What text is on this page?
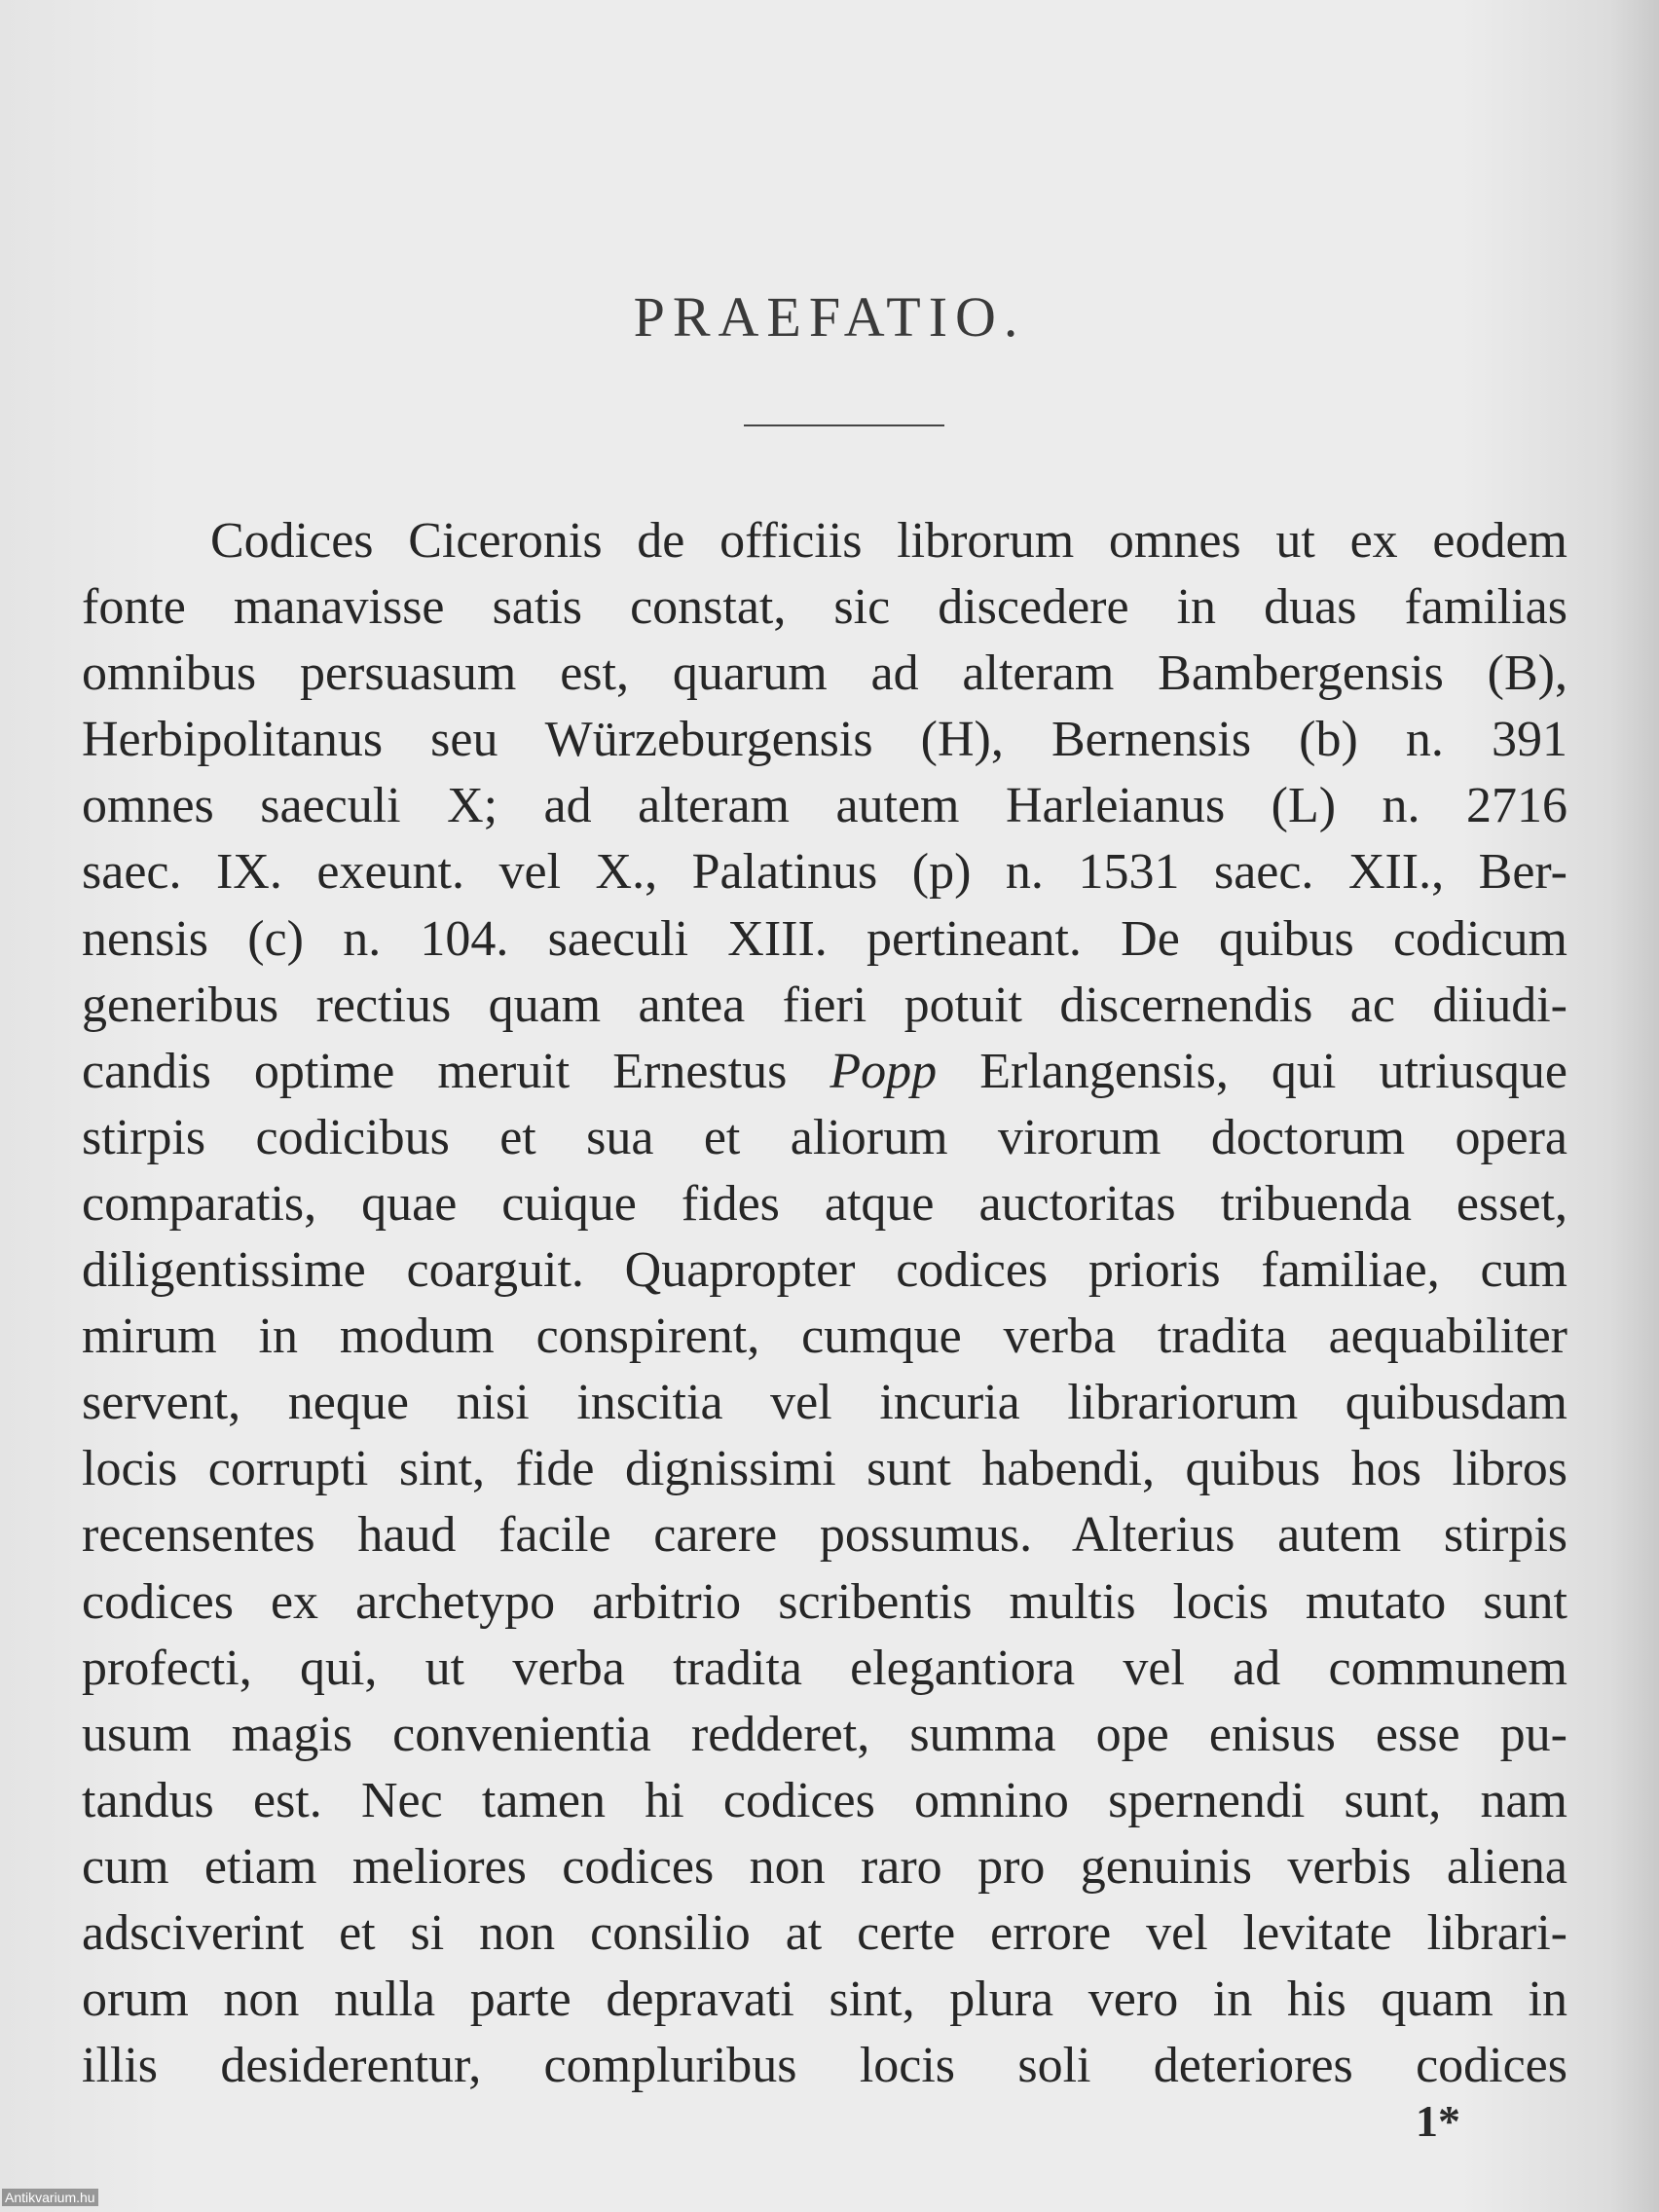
PRAEFATIO.
Codices Ciceronis de officiis librorum omnes ut ex eodem
fonte manavisse satis constat, sic discedere in duas familias
omnibus persuasum est, quarum ad alteram Bambergensis (B),
Herbipolitanus seu Würzeburgensis (H), Bernensis (b) n. 391
omnes saeculi X; ad alteram autem Harleianus (L) n. 2716
saec. IX. exeunt. vel X., Palatinus (p) n. 1531 saec. XII., Ber-
nensis (c) n. 104. saeculi XIII. pertineant. De quibus codicum
generibus rectius quam antea fieri potuit discernendis ac diiudi-
candis optime meruit Ernestus Popp Erlangensis, qui utriusque
stirpis codicibus et sua et aliorum virorum doctorum opera
comparatis, quae cuique fides atque auctoritas tribuenda esset,
diligentissime coarguit. Quapropter codices prioris familiae, cum
mirum in modum conspirent, cumque verba tradita aequabiliter
servent, neque nisi inscitia vel incuria librariorum quibusdam
locis corrupti sint, fide dignissimi sunt habendi, quibus hos libros
recensentes haud facile carere possumus. Alterius autem stirpis
codices ex archetypo arbitrio scribentis multis locis mutato sunt
profecti, qui, ut verba tradita elegantiora vel ad communem
usum magis convenientia redderet, summa ope enisus esse pu-
tandus est. Nec tamen hi codices omnino spernendi sunt, nam
cum etiam meliores codices non raro pro genuinis verbis aliena
adsciverint et si non consilio at certe errore vel levitate librari-
orum non nulla parte depravati sint, plura vero in his quam in
illis desiderentur, compluribus locis soli deteriores codices
1*
Antikvarium.hu
